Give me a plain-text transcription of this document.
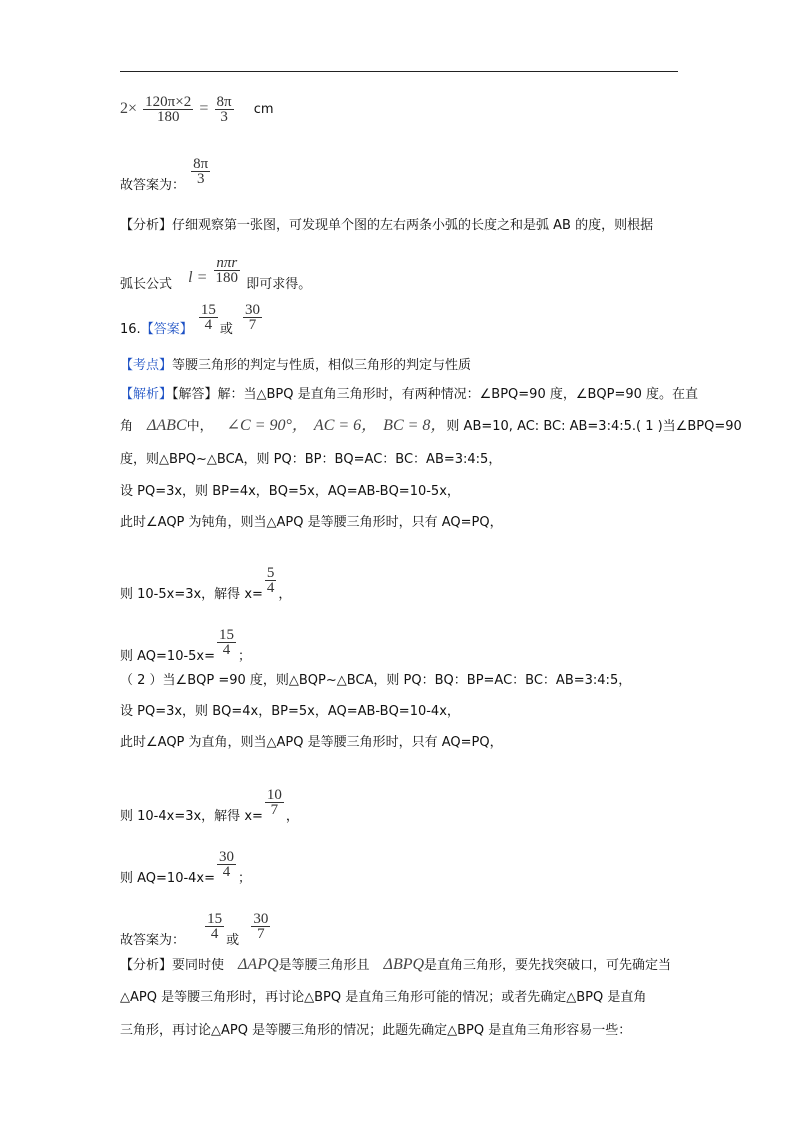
$2\times \frac{120\pi\times 2}{180} = \frac{8\pi}{3}$ cm
故答案为： $\frac{8\pi}{3}$
【分析】仔细观察第一张图，可发现单个图的左右两条小弧的长度之和是弧 AB 的度，则根据
弧长公式 $l = \frac{\text{nπr}}{180}$ 即可求得。
16.【答案】 $\frac{15}{4}$ 或 $\frac{30}{7}$
【考点】等腰三角形的判定与性质，相似三角形的判定与性质
【解析】【解答】解：当△BPQ 是直角三角形时，有两种情况：∠BPQ=90 度，∠BQP=90 度。在直
角 ΔABC中， ∠C = 90°， AC = 6， BC = 8，则 AB=10, AC: BC: AB=3:4:5.( 1 )当∠BPQ=90
度，则△BPQ~△BCA，则 PQ：BP：BQ=AC：BC：AB=3:4:5，
设 PQ=3x，则 BP=4x，BQ=5x，AQ=AB-BQ=10-5x，
此时∠AQP 为钝角，则当△APQ 是等腰三角形时，只有 AQ=PQ，
则 10-5x=3x，解得 $x= \frac{5}{4}$ ，
则 $AQ=10-5x= \frac{15}{4}$ ；
（ 2 ）当∠BQP =90 度，则△BQP~△BCA，则 PQ：BQ：BP=AC：BC：AB=3:4:5，
设 PQ=3x，则 BQ=4x，BP=5x，AQ=AB-BQ=10-4x，
此时∠AQP 为直角，则当△APQ 是等腰三角形时，只有 AQ=PQ，
则 10-4x=3x，解得 $x= \frac{10}{7}$ ，
则 $AQ=10-4x= \frac{30}{4}$ ；
故答案为： $\frac{15}{4}$ 或 $\frac{30}{7}$
【分析】要同时使 ΔAPQ是等腰三角形且 ΔBPQ是直角三角形，要先找突破口，可先确定当
△APQ 是等腰三角形时，再讨论△BPQ 是直角三角形可能的情况；或者先确定△BPQ 是直角
三角形，再讨论△APQ 是等腰三角形的情况；此题先确定△BPQ 是直角三角形容易一些：
